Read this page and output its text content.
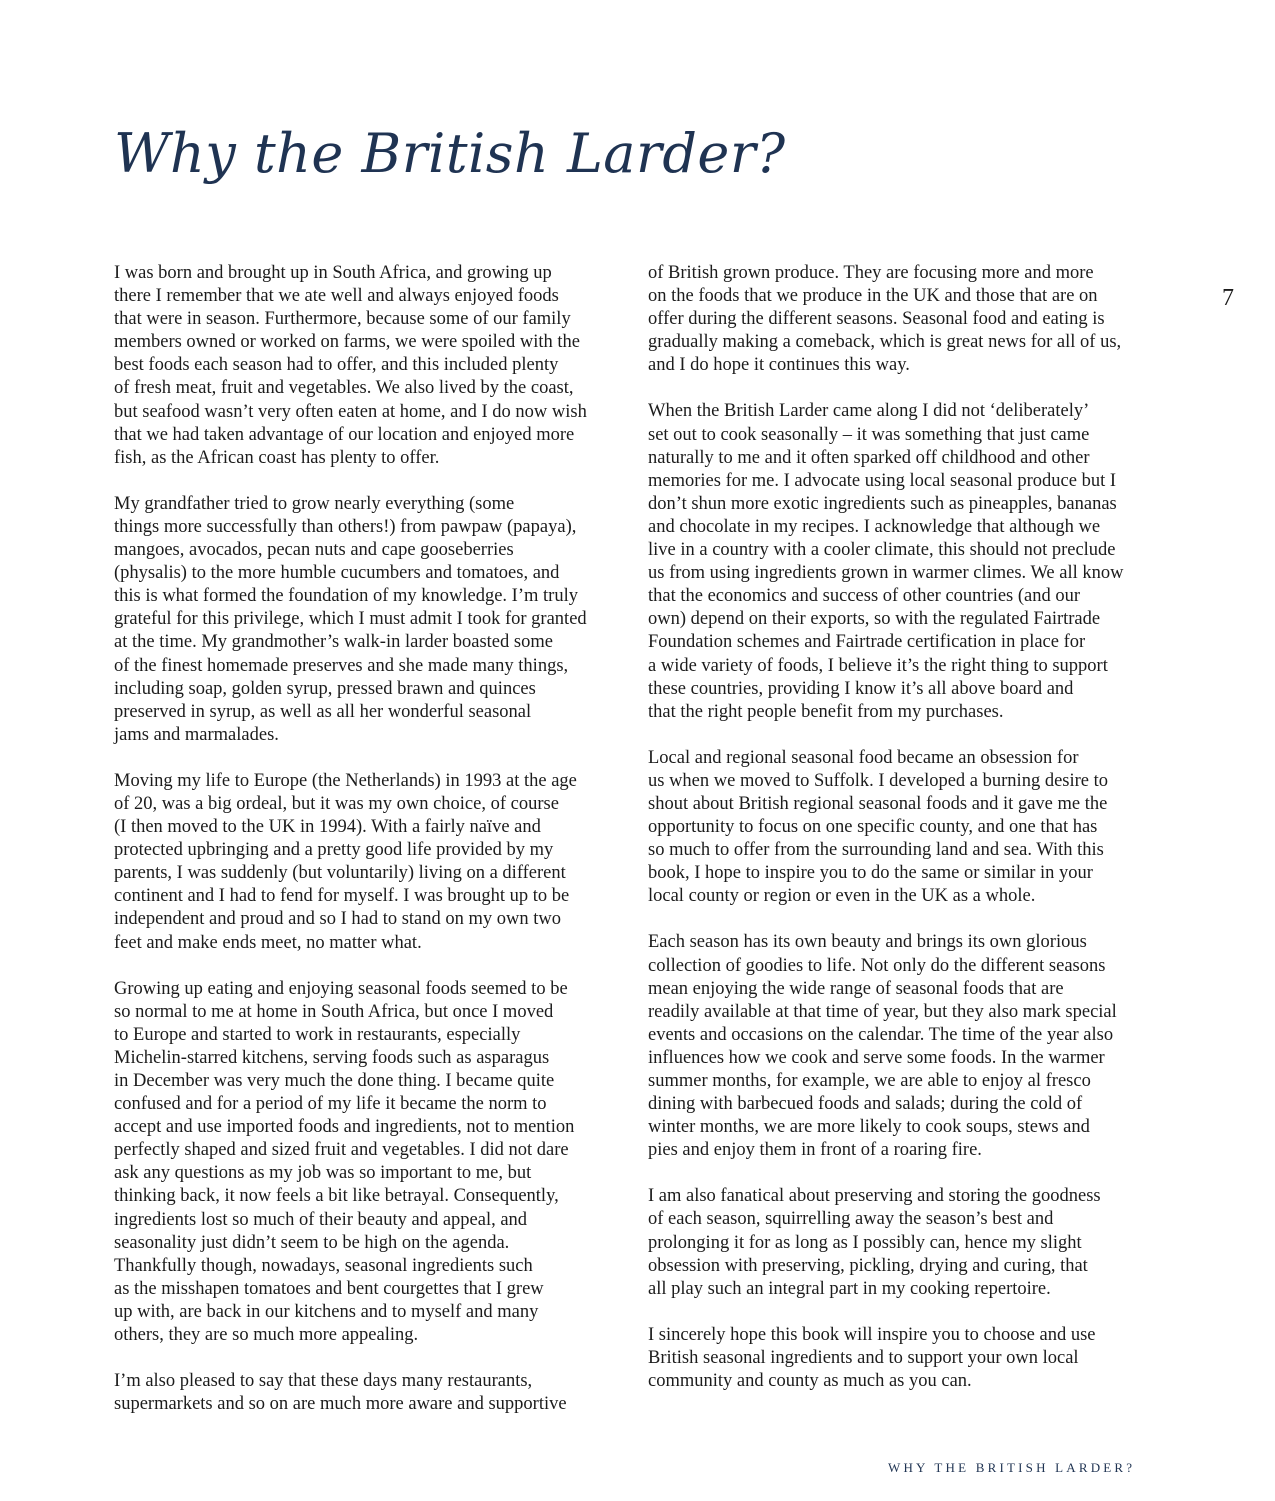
Why the British Larder?
I was born and brought up in South Africa, and growing up
there I remember that we ate well and always enjoyed foods
that were in season. Furthermore, because some of our family
members owned or worked on farms, we were spoiled with the
best foods each season had to offer, and this included plenty
of fresh meat, fruit and vegetables. We also lived by the coast,
but seafood wasn’t very often eaten at home, and I do now wish
that we had taken advantage of our location and enjoyed more
fish, as the African coast has plenty to offer.
My grandfather tried to grow nearly everything (some
things more successfully than others!) from pawpaw (papaya),
mangoes, avocados, pecan nuts and cape gooseberries
(physalis) to the more humble cucumbers and tomatoes, and
this is what formed the foundation of my knowledge. I’m truly
grateful for this privilege, which I must admit I took for granted
at the time. My grandmother’s walk-in larder boasted some
of the finest homemade preserves and she made many things,
including soap, golden syrup, pressed brawn and quinces
preserved in syrup, as well as all her wonderful seasonal
jams and marmalades.
Moving my life to Europe (the Netherlands) in 1993 at the age
of 20, was a big ordeal, but it was my own choice, of course
(I then moved to the UK in 1994). With a fairly naïve and
protected upbringing and a pretty good life provided by my
parents, I was suddenly (but voluntarily) living on a different
continent and I had to fend for myself. I was brought up to be
independent and proud and so I had to stand on my own two
feet and make ends meet, no matter what.
Growing up eating and enjoying seasonal foods seemed to be
so normal to me at home in South Africa, but once I moved
to Europe and started to work in restaurants, especially
Michelin-starred kitchens, serving foods such as asparagus
in December was very much the done thing. I became quite
confused and for a period of my life it became the norm to
accept and use imported foods and ingredients, not to mention
perfectly shaped and sized fruit and vegetables. I did not dare
ask any questions as my job was so important to me, but
thinking back, it now feels a bit like betrayal. Consequently,
ingredients lost so much of their beauty and appeal, and
seasonality just didn’t seem to be high on the agenda.
Thankfully though, nowadays, seasonal ingredients such
as the misshapen tomatoes and bent courgettes that I grew
up with, are back in our kitchens and to myself and many
others, they are so much more appealing.
I’m also pleased to say that these days many restaurants,
supermarkets and so on are much more aware and supportive
of British grown produce. They are focusing more and more
on the foods that we produce in the UK and those that are on
offer during the different seasons. Seasonal food and eating is
gradually making a comeback, which is great news for all of us,
and I do hope it continues this way.
When the British Larder came along I did not ‘deliberately’
set out to cook seasonally – it was something that just came
naturally to me and it often sparked off childhood and other
memories for me. I advocate using local seasonal produce but I
don’t shun more exotic ingredients such as pineapples, bananas
and chocolate in my recipes. I acknowledge that although we
live in a country with a cooler climate, this should not preclude
us from using ingredients grown in warmer climes. We all know
that the economics and success of other countries (and our
own) depend on their exports, so with the regulated Fairtrade
Foundation schemes and Fairtrade certification in place for
a wide variety of foods, I believe it’s the right thing to support
these countries, providing I know it’s all above board and
that the right people benefit from my purchases.
Local and regional seasonal food became an obsession for
us when we moved to Suffolk. I developed a burning desire to
shout about British regional seasonal foods and it gave me the
opportunity to focus on one specific county, and one that has
so much to offer from the surrounding land and sea. With this
book, I hope to inspire you to do the same or similar in your
local county or region or even in the UK as a whole.
Each season has its own beauty and brings its own glorious
collection of goodies to life. Not only do the different seasons
mean enjoying the wide range of seasonal foods that are
readily available at that time of year, but they also mark special
events and occasions on the calendar. The time of the year also
influences how we cook and serve some foods. In the warmer
summer months, for example, we are able to enjoy al fresco
dining with barbecued foods and salads; during the cold of
winter months, we are more likely to cook soups, stews and
pies and enjoy them in front of a roaring fire.
I am also fanatical about preserving and storing the goodness
of each season, squirrelling away the season’s best and
prolonging it for as long as I possibly can, hence my slight
obsession with preserving, pickling, drying and curing, that
all play such an integral part in my cooking repertoire.
I sincerely hope this book will inspire you to choose and use
British seasonal ingredients and to support your own local
community and county as much as you can.
7
WHY THE BRITISH LARDER?
